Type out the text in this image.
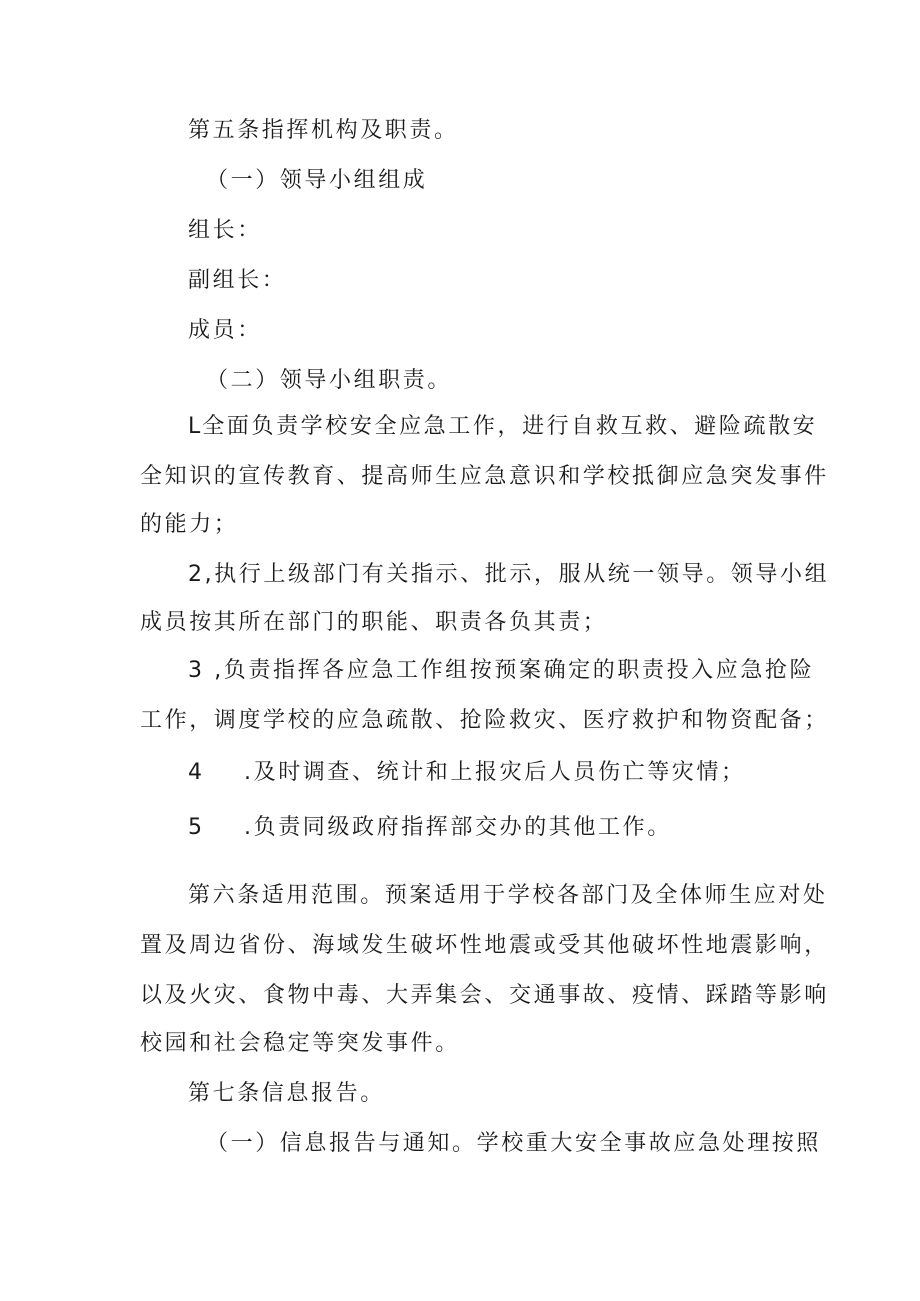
第五条指挥机构及职责。
（一）领导小组组成
组长：
副组长：
成员：
（二）领导小组职责。
L全面负责学校安全应急工作，进行自救互救、避险疏散安
全知识的宣传教育、提高师生应急意识和学校抵御应急突发事件
的能力；
2,执行上级部门有关指示、批示，服从统一领导。领导小组
成员按其所在部门的职能、职责各负其责；
3 ,负责指挥各应急工作组按预案确定的职责投入应急抢险
工作，调度学校的应急疏散、抢险救灾、医疗救护和物资配备；
4 .及时调查、统计和上报灾后人员伤亡等灾情；
5 .负责同级政府指挥部交办的其他工作。
第六条适用范围。预案适用于学校各部门及全体师生应对处
置及周边省份、海域发生破坏性地震或受其他破坏性地震影响，
以及火灾、食物中毒、大弄集会、交通事故、疫情、踩踏等影响
校园和社会稳定等突发事件。
第七条信息报告。
（一）信息报告与通知。学校重大安全事故应急处理按照
